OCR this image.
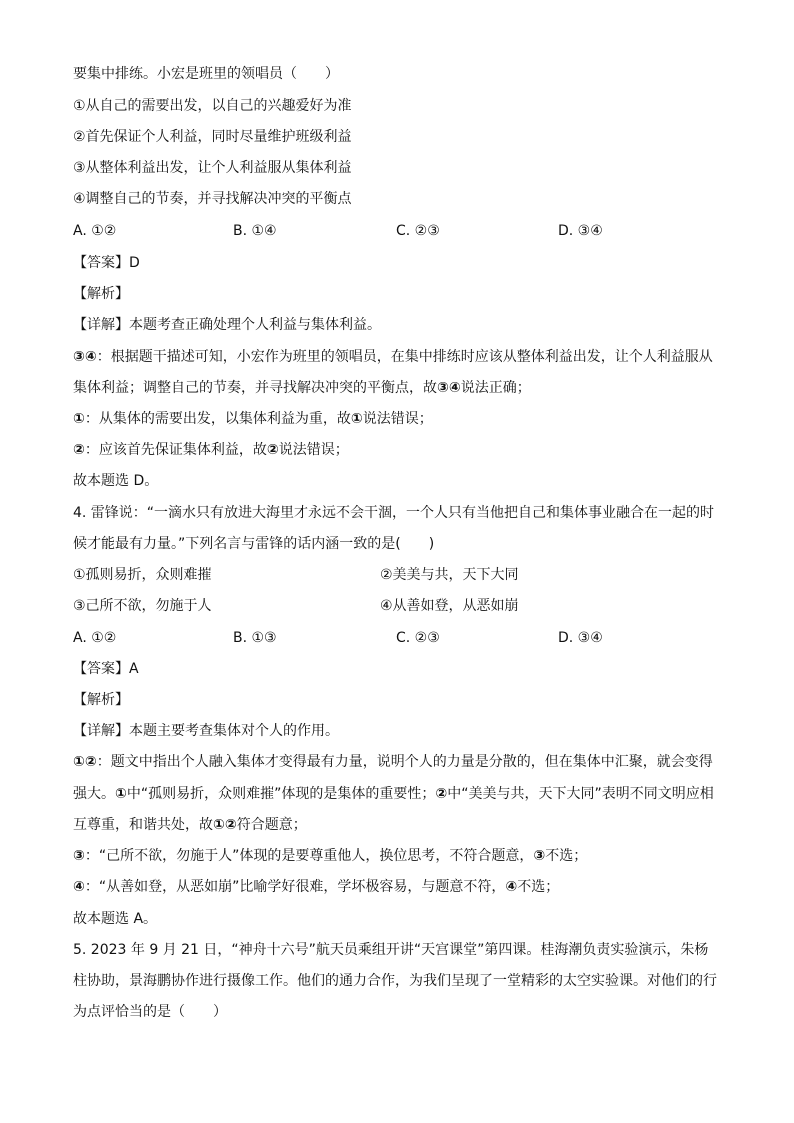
要集中排练。小宏是班里的领唱员（　　）
①从自己的需要出发，以自己的兴趣爱好为准
②首先保证个人利益，同时尽量维护班级利益
③从整体利益出发，让个人利益服从集体利益
④调整自己的节奏，并寻找解决冲突的平衡点
A. ①②	B. ①④	C. ②③	D. ③④
【答案】D
【解析】
【详解】本题考查正确处理个人利益与集体利益。
③④：根据题干描述可知，小宏作为班里的领唱员，在集中排练时应该从整体利益出发，让个人利益服从
集体利益；调整自己的节奏，并寻找解决冲突的平衡点，故③④说法正确；
①：从集体的需要出发，以集体利益为重，故①说法错误；
②：应该首先保证集体利益，故②说法错误；
故本题选 D。
4. 雷锋说：“一滴水只有放进大海里才永远不会干涸，一个人只有当他把自己和集体事业融合在一起的时
候才能最有力量。”下列名言与雷锋的话内涵一致的是(　　)
①孤则易折，众则难摧	②美美与共，天下大同
③己所不欲，勿施于人	④从善如登，从恶如崩
A. ①②	B. ①③	C. ②③	D. ③④
【答案】A
【解析】
【详解】本题主要考查集体对个人的作用。
①②：题文中指出个人融入集体才变得最有力量，说明个人的力量是分散的，但在集体中汇聚，就会变得
强大。①中“孤则易折，众则难摧”体现的是集体的重要性；②中“美美与共，天下大同”表明不同文明应相
互尊重，和谐共处，故①②符合题意；
③：“己所不欲，勿施于人”体现的是要尊重他人，换位思考，不符合题意，③不选；
④：“从善如登，从恶如崩”比喻学好很难，学坏极容易，与题意不符，④不选；
故本题选 A。
5. 2023 年 9 月 21 日，“神舟十六号”航天员乘组开讲“天宫课堂”第四课。桂海潮负责实验演示，朱杨
柱协助，景海鹏协作进行摄像工作。他们的通力合作，为我们呈现了一堂精彩的太空实验课。对他们的行
为点评恰当的是（　　）
